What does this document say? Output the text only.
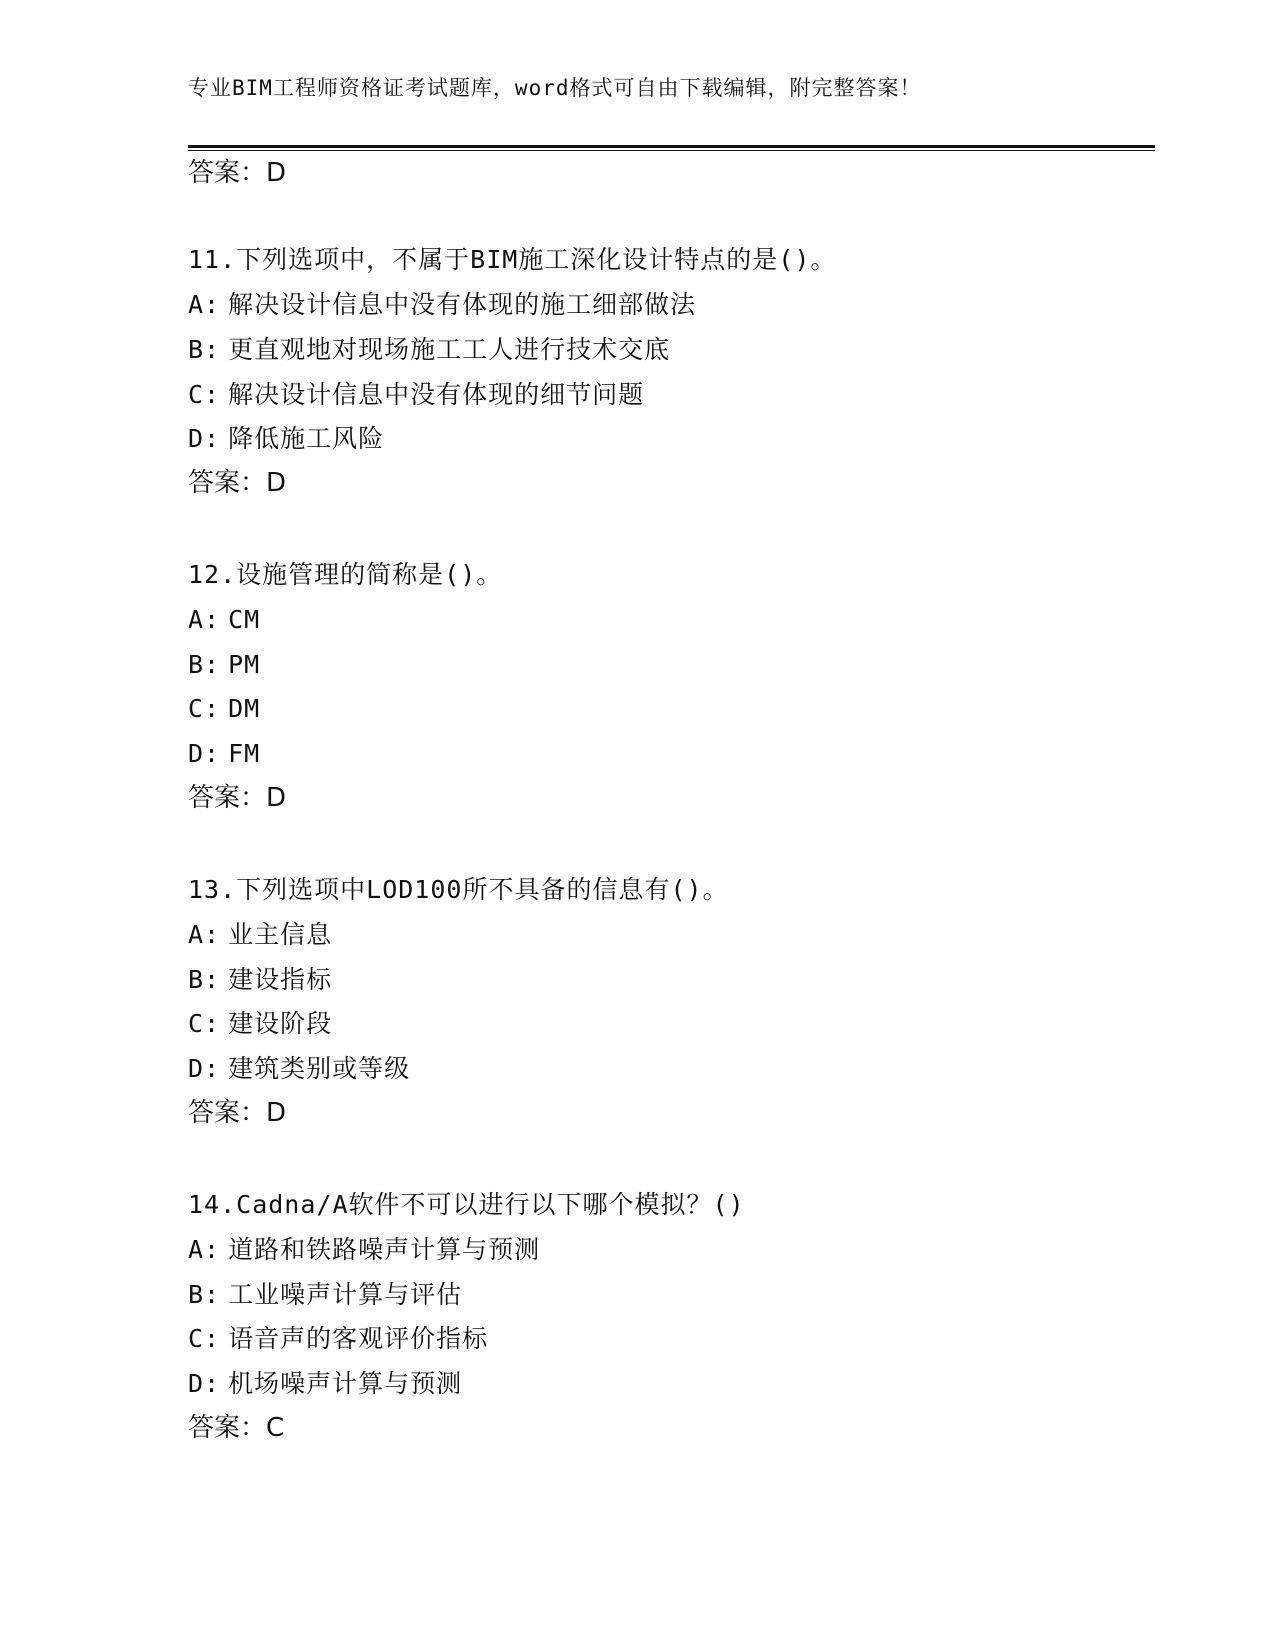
专业BIM工程师资格证考试题库，word格式可自由下载编辑，附完整答案！
答案：D
11.下列选项中，不属于BIM施工深化设计特点的是()。
A: 解决设计信息中没有体现的施工细部做法
B: 更直观地对现场施工工人进行技术交底
C: 解决设计信息中没有体现的细节问题
D: 降低施工风险
答案：D
12.设施管理的简称是()。
A: CM
B: PM
C: DM
D: FM
答案：D
13.下列选项中LOD100所不具备的信息有()。
A: 业主信息
B: 建设指标
C: 建设阶段
D: 建筑类别或等级
答案：D
14.Cadna/A软件不可以进行以下哪个模拟？()
A: 道路和铁路噪声计算与预测
B: 工业噪声计算与评估
C: 语音声的客观评价指标
D: 机场噪声计算与预测
答案：C
